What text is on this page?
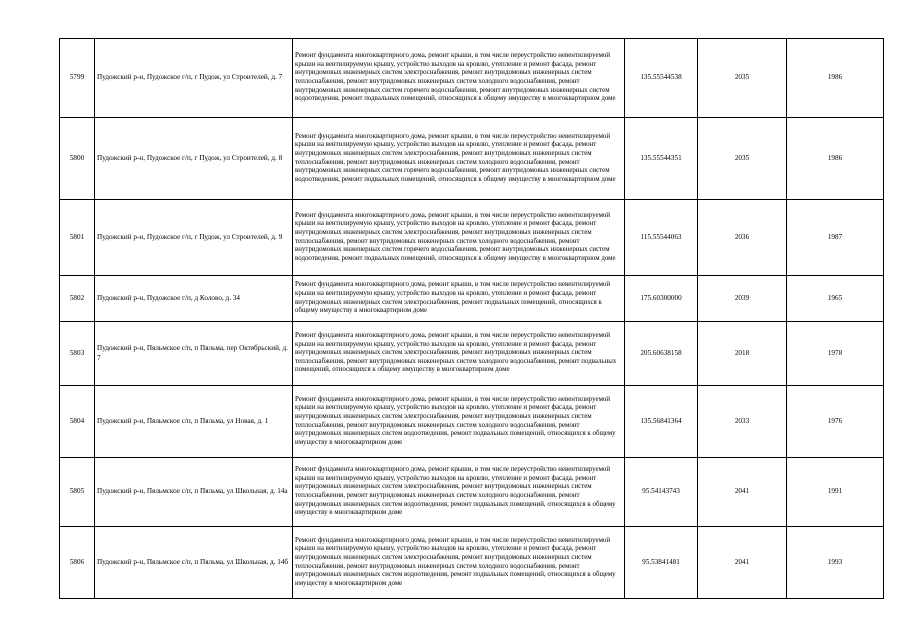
5799	Пудожский р-н, Пудожское г/п, г Пудож, ул Строителей, д. 7	Ремонт фундамента многоквартирного дома, ремонт крыши, в том числе переустройство невентилируемой крыши на вентилируемую крышу, устройство выходов на кровлю, утепление и ремонт фасада, ремонт внутридомовых инженерных систем электроснабжения, ремонт внутридомовых инженерных систем теплоснабжения, ремонт внутридомовых инженерных систем холодного водоснабжения, ремонт внутридомовых инженерных систем горячего водоснабжения, ремонт внутридомовых инженерных систем водоотведения, ремонт подвальных помещений, относящихся к общему имуществу в многоквартирном доме	135.55544538	2035	1986
5800	Пудожский р-н, Пудожское г/п, г Пудож, ул Строителей, д. 8	Ремонт фундамента многоквартирного дома, ремонт крыши, в том числе переустройство невентилируемой крыши на вентилируемую крышу, устройство выходов на кровлю, утепление и ремонт фасада, ремонт внутридомовых инженерных систем электроснабжения, ремонт внутридомовых инженерных систем теплоснабжения, ремонт внутридомовых инженерных систем холодного водоснабжения, ремонт внутридомовых инженерных систем горячего водоснабжения, ремонт внутридомовых инженерных систем водоотведения, ремонт подвальных помещений, относящихся к общему имуществу в многоквартирном доме	135.55544351	2035	1986
5801	Пудожский р-н, Пудожское г/п, г Пудож, ул Строителей, д. 9	Ремонт фундамента многоквартирного дома, ремонт крыши, в том числе переустройство невентилируемой крыши на вентилируемую крышу, устройство выходов на кровлю, утепление и ремонт фасада, ремонт внутридомовых инженерных систем электроснабжения, ремонт внутридомовых инженерных систем теплоснабжения, ремонт внутридомовых инженерных систем холодного водоснабжения, ремонт внутридомовых инженерных систем горячего водоснабжения, ремонт внутридомовых инженерных систем водоотведения, ремонт подвальных помещений, относящихся к общему имуществу в многоквартирном доме	115.55544063	2036	1987
5802	Пудожский р-н, Пудожское г/п, д Колово, д. 34	Ремонт фундамента многоквартирного дома, ремонт крыши, в том числе переустройство невентилируемой крыши на вентилируемую крышу, устройство выходов на кровлю, утепление и ремонт фасада, ремонт внутридомовых инженерных систем электроснабжения, ремонт подвальных помещений, относящихся к общему имуществу в многоквартирном доме	175.60300000	2039	1965
5803	Пудожский р-н, Пяльмское с/п, п Пяльма, пер Октябрьский, д. 7	Ремонт фундамента многоквартирного дома, ремонт крыши, в том числе переустройство невентилируемой крыши на вентилируемую крышу, устройство выходов на кровлю, утепление и ремонт фасада, ремонт внутридомовых инженерных систем электроснабжения, ремонт внутридомовых инженерных систем теплоснабжения, ремонт внутридомовых инженерных систем холодного водоснабжения, ремонт подвальных помещений, относящихся к общему имуществу в многоквартирном доме	205.60638158	2018	1978
5804	Пудожский р-н, Пяльмское с/п, п Пяльма, ул Новая, д. 1	Ремонт фундамента многоквартирного дома, ремонт крыши, в том числе переустройство невентилируемой крыши на вентилируемую крышу, устройство выходов на кровлю, утепление и ремонт фасада, ремонт внутридомовых инженерных систем электроснабжения, ремонт внутридомовых инженерных систем теплоснабжения, ремонт внутридомовых инженерных систем холодного водоснабжения, ремонт внутридомовых инженерных систем водоотведения, ремонт подвальных помещений, относящихся к общему имуществу в многоквартирном доме	135.56841364	2033	1976
5805	Пудожский р-н, Пяльмское с/п, п Пяльма, ул Школьная, д. 14а	Ремонт фундамента многоквартирного дома, ремонт крыши, в том числе переустройство невентилируемой крыши на вентилируемую крышу, устройство выходов на кровлю, утепление и ремонт фасада, ремонт внутридомовых инженерных систем электроснабжения, ремонт внутридомовых инженерных систем теплоснабжения, ремонт внутридомовых инженерных систем холодного водоснабжения, ремонт внутридомовых инженерных систем водоотведения, ремонт подвальных помещений, относящихся к общему имуществу в многоквартирном доме	95.54143743	2041	1991
5806	Пудожский р-н, Пяльмское с/п, п Пяльма, ул Школьная, д. 14б	Ремонт фундамента многоквартирного дома, ремонт крыши, в том числе переустройство невентилируемой крыши на вентилируемую крышу, устройство выходов на кровлю, утепление и ремонт фасада, ремонт внутридомовых инженерных систем электроснабжения, ремонт внутридомовых инженерных систем теплоснабжения, ремонт внутридомовых инженерных систем холодного водоснабжения, ремонт внутридомовых инженерных систем водоотведения, ремонт подвальных помещений, относящихся к общему имуществу в многоквартирном доме	95.53841481	2041	1993
